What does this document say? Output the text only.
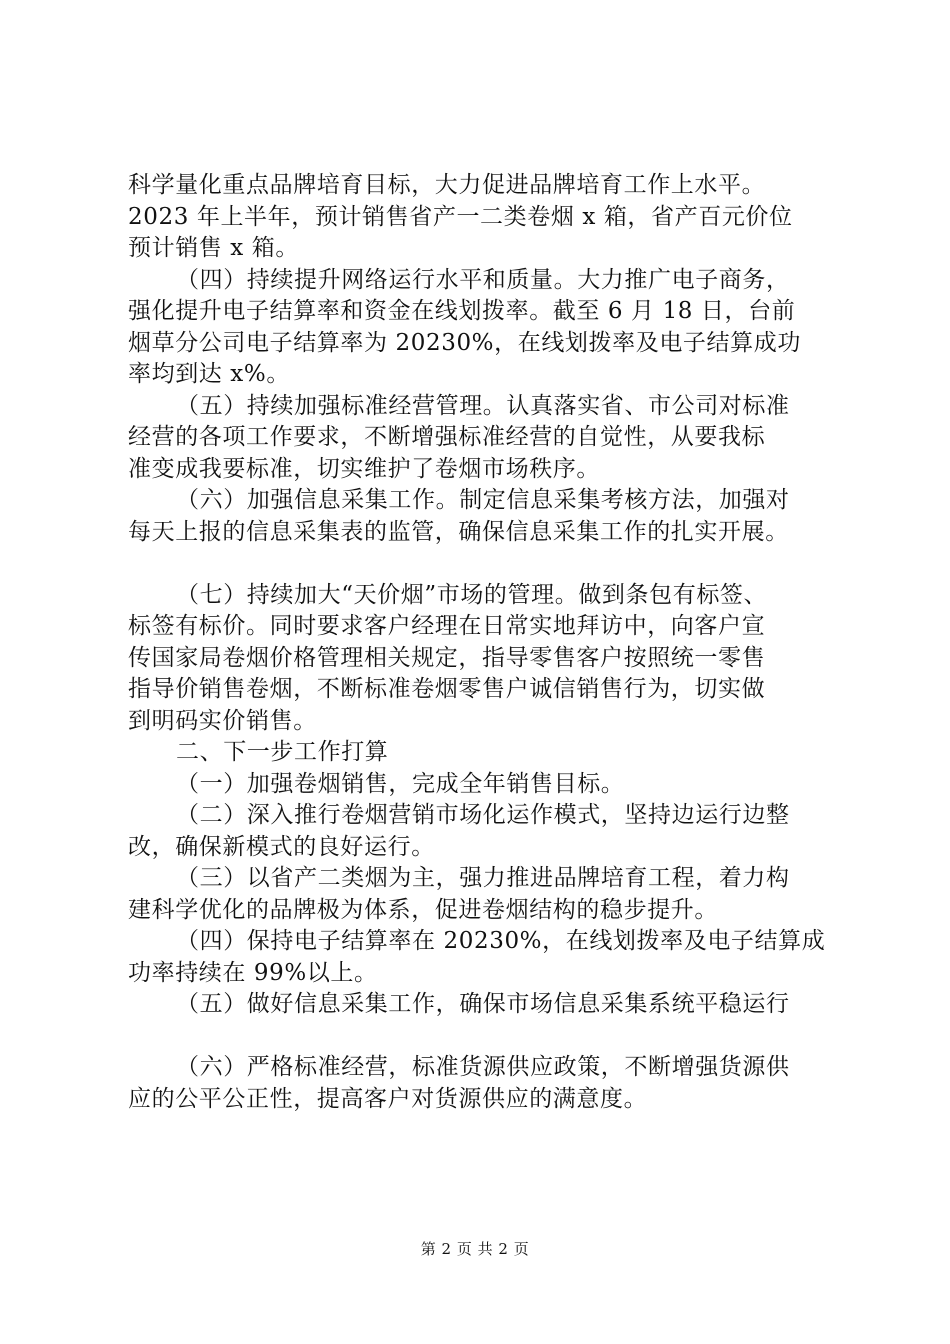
科学量化重点品牌培育目标，大力促进品牌培育工作上水平。
2023 年上半年，预计销售省产一二类卷烟 x 箱，省产百元价位
预计销售 x 箱。
（四）持续提升网络运行水平和质量。大力推广电子商务，
强化提升电子结算率和资金在线划拨率。截至 6 月 18 日，台前
烟草分公司电子结算率为 20230%，在线划拨率及电子结算成功
率均到达 x%。
（五）持续加强标准经营管理。认真落实省、市公司对标准
经营的各项工作要求，不断增强标准经营的自觉性，从要我标
准变成我要标准，切实维护了卷烟市场秩序。
（六）加强信息采集工作。制定信息采集考核方法，加强对
每天上报的信息采集表的监管，确保信息采集工作的扎实开展。
（七）持续加大“天价烟”市场的管理。做到条包有标签、
标签有标价。同时要求客户经理在日常实地拜访中，向客户宣
传国家局卷烟价格管理相关规定，指导零售客户按照统一零售
指导价销售卷烟，不断标准卷烟零售户诚信销售行为，切实做
到明码实价销售。
二、下一步工作打算
（一）加强卷烟销售，完成全年销售目标。
（二）深入推行卷烟营销市场化运作模式，坚持边运行边整
改，确保新模式的良好运行。
（三）以省产二类烟为主，强力推进品牌培育工程，着力构
建科学优化的品牌极为体系，促进卷烟结构的稳步提升。
（四）保持电子结算率在 20230%，在线划拨率及电子结算成
功率持续在 99%以上。
（五）做好信息采集工作，确保市场信息采集系统平稳运行
（六）严格标准经营，标准货源供应政策，不断增强货源供
应的公平公正性，提高客户对货源供应的满意度。
第 2 页 共 2 页
